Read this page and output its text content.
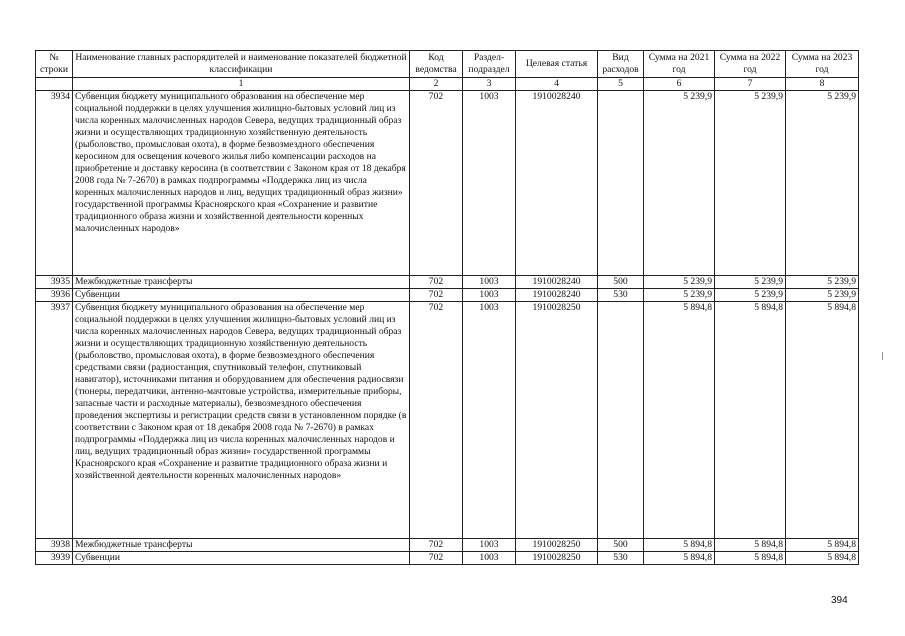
№ строки	Наименование главных распорядителей и наименование показателей бюджетной классификации	Код ведомства	Раздел-подраздел	Целевая статья	Вид расходов	Сумма на 2021 год	Сумма на 2022 год	Сумма на 2023 год
	1	2	3	4	5	6	7	8
3934	Субвенция бюджету муниципального образования на обеспечение мер социальной поддержки в целях улучшения жилищно-бытовых условий лиц из числа коренных малочисленных народов Севера, ведущих традиционный образ жизни и осуществляющих традиционную хозяйственную деятельность (рыболовство, промысловая охота), в форме безвозмездного обеспечения керосином для освещения кочевого жилья либо компенсации расходов на приобретение и доставку керосина (в соответствии с Законом края от 18 декабря 2008 года № 7-2670) в рамках подпрограммы «Поддержка лиц из числа коренных малочисленных народов и лиц, ведущих традиционный образ жизни» государственной программы Красноярского края «Сохранение и развитие традиционного образа жизни и хозяйственной деятельности коренных малочисленных народов»	702	1003	1910028240		5 239,9	5 239,9	5 239,9
3935	Межбюджетные трансферты	702	1003	1910028240	500	5 239,9	5 239,9	5 239,9
3936	Субвенции	702	1003	1910028240	530	5 239,9	5 239,9	5 239,9
3937	Субвенция бюджету муниципального образования на обеспечение мер социальной поддержки в целях улучшения жилищно-бытовых условий лиц из числа коренных малочисленных народов Севера, ведущих традиционный образ жизни и осуществляющих традиционную хозяйственную деятельность (рыболовство, промысловая охота), в форме безвозмездного обеспечения средствами связи (радиостанция, спутниковый телефон, спутниковый навигатор), источниками питания и оборудованием для обеспечения радиосвязи (тюнеры, передатчики, антенно-мачтовые устройства, измерительные приборы, запасные части и расходные материалы), безвозмездного обеспечения проведения экспертизы и регистрации средств связи в установленном порядке (в соответствии с Законом края от 18 декабря 2008 года № 7-2670) в рамках подпрограммы «Поддержка лиц из числа коренных малочисленных народов и лиц, ведущих традиционный образ жизни» государственной программы Красноярского края «Сохранение и развитие традиционного образа жизни и хозяйственной деятельности коренных малочисленных народов»	702	1003	1910028250		5 894,8	5 894,8	5 894,8
3938	Межбюджетные трансферты	702	1003	1910028250	500	5 894,8	5 894,8	5 894,8
3939	Субвенции	702	1003	1910028250	530	5 894,8	5 894,8	5 894,8
394
